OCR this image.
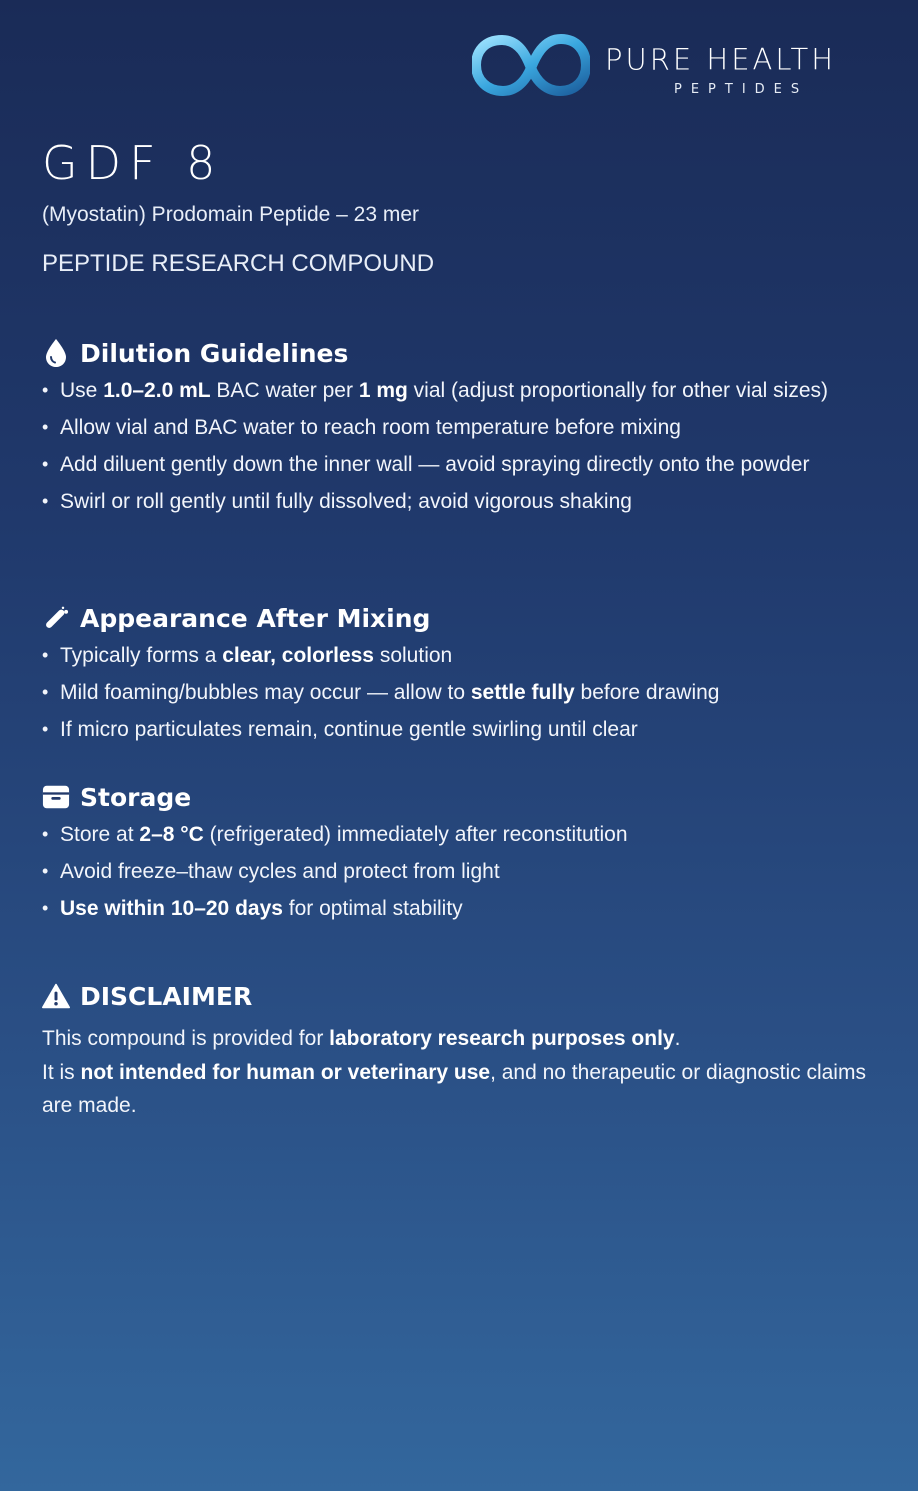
PURE HEALTH
PEPTIDES
GDF 8
(Myostatin) Prodomain Peptide – 23 mer
PEPTIDE RESEARCH COMPOUND
Dilution Guidelines
• Use 1.0–2.0 mL BAC water per 1 mg vial (adjust proportionally for other vial sizes)
• Allow vial and BAC water to reach room temperature before mixing
• Add diluent gently down the inner wall — avoid spraying directly onto the powder
• Swirl or roll gently until fully dissolved; avoid vigorous shaking
Appearance After Mixing
• Typically forms a clear, colorless solution
• Mild foaming/bubbles may occur — allow to settle fully before drawing
• If micro particulates remain, continue gentle swirling until clear
Storage
• Store at 2–8 °C (refrigerated) immediately after reconstitution
• Avoid freeze–thaw cycles and protect from light
• Use within 10–20 days for optimal stability
DISCLAIMER
This compound is provided for laboratory research purposes only.
It is not intended for human or veterinary use, and no therapeutic or diagnostic claims are made.
